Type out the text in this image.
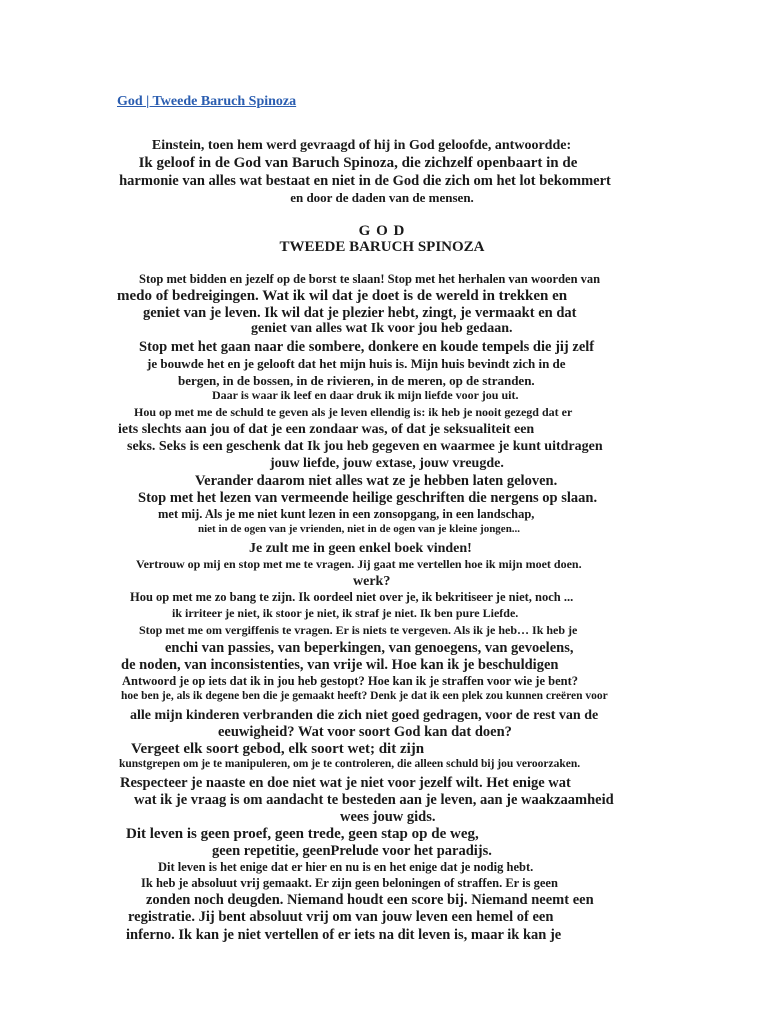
God | Tweede Baruch Spinoza
Einstein, toen hem werd gevraagd of hij in God geloofde, antwoordde:
Ik geloof in de God van Baruch Spinoza, die zichzelf openbaart in de
harmonie van alles wat bestaat en niet in de God die zich om het lot bekommert
en door de daden van de mensen.
G O D
TWEEDE BARUCH SPINOZA
Stop met bidden en jezelf op de borst te slaan! Stop met het herhalen van woorden van
medo of bedreigingen. Wat ik wil dat je doet is de wereld in trekken en
geniet van je leven. Ik wil dat je plezier hebt, zingt, je vermaakt en dat
geniet van alles wat Ik voor jou heb gedaan.
Stop met het gaan naar die sombere, donkere en koude tempels die jij zelf
je bouwde het en je gelooft dat het mijn huis is. Mijn huis bevindt zich in de
bergen, in de bossen, in de rivieren, in de meren, op de stranden.
Daar is waar ik leef en daar druk ik mijn liefde voor jou uit.
Hou op met me de schuld te geven als je leven ellendig is: ik heb je nooit gezegd dat er
iets slechts aan jou of dat je een zondaar was, of dat je seksualiteit een
seks. Seks is een geschenk dat Ik jou heb gegeven en waarmee je kunt uitdragen
jouw liefde, jouw extase, jouw vreugde.
Verander daarom niet alles wat ze je hebben laten geloven.
Stop met het lezen van vermeende heilige geschriften die nergens op slaan.
met mij. Als je me niet kunt lezen in een zonsopgang, in een landschap,
niet in de ogen van je vrienden, niet in de ogen van je kleine jongen...
Je zult me in geen enkel boek vinden!
Vertrouw op mij en stop met me te vragen. Jij gaat me vertellen hoe ik mijn moet doen.
werk?
Hou op met me zo bang te zijn. Ik oordeel niet over je, ik bekritiseer je niet, noch ...
ik irriteer je niet, ik stoor je niet, ik straf je niet. Ik ben pure Liefde.
Stop met me om vergiffenis te vragen. Er is niets te vergeven. Als ik je heb… Ik heb je
enchi van passies, van beperkingen, van genoegens, van gevoelens,
de noden, van inconsistenties, van vrije wil. Hoe kan ik je beschuldigen
Antwoord je op iets dat ik in jou heb gestopt? Hoe kan ik je straffen voor wie je bent?
hoe ben je, als ik degene ben die je gemaakt heeft? Denk je dat ik een plek zou kunnen creëren voor
alle mijn kinderen verbranden die zich niet goed gedragen, voor de rest van de
eeuwigheid? Wat voor soort God kan dat doen?
Vergeet elk soort gebod, elk soort wet; dit zijn
kunstgrepen om je te manipuleren, om je te controleren, die alleen schuld bij jou veroorzaken.
Respecteer je naaste en doe niet wat je niet voor jezelf wilt. Het enige wat
wat ik je vraag is om aandacht te besteden aan je leven, aan je waakzaamheid
wees jouw gids.
Dit leven is geen proef, geen trede, geen stap op de weg,
geen repetitie, geenPrelude voor het paradijs.
Dit leven is het enige dat er hier en nu is en het enige dat je nodig hebt.
Ik heb je absoluut vrij gemaakt. Er zijn geen beloningen of straffen. Er is geen
zonden noch deugden. Niemand houdt een score bij. Niemand neemt een
registratie. Jij bent absoluut vrij om van jouw leven een hemel of een
inferno. Ik kan je niet vertellen of er iets na dit leven is, maar ik kan je
